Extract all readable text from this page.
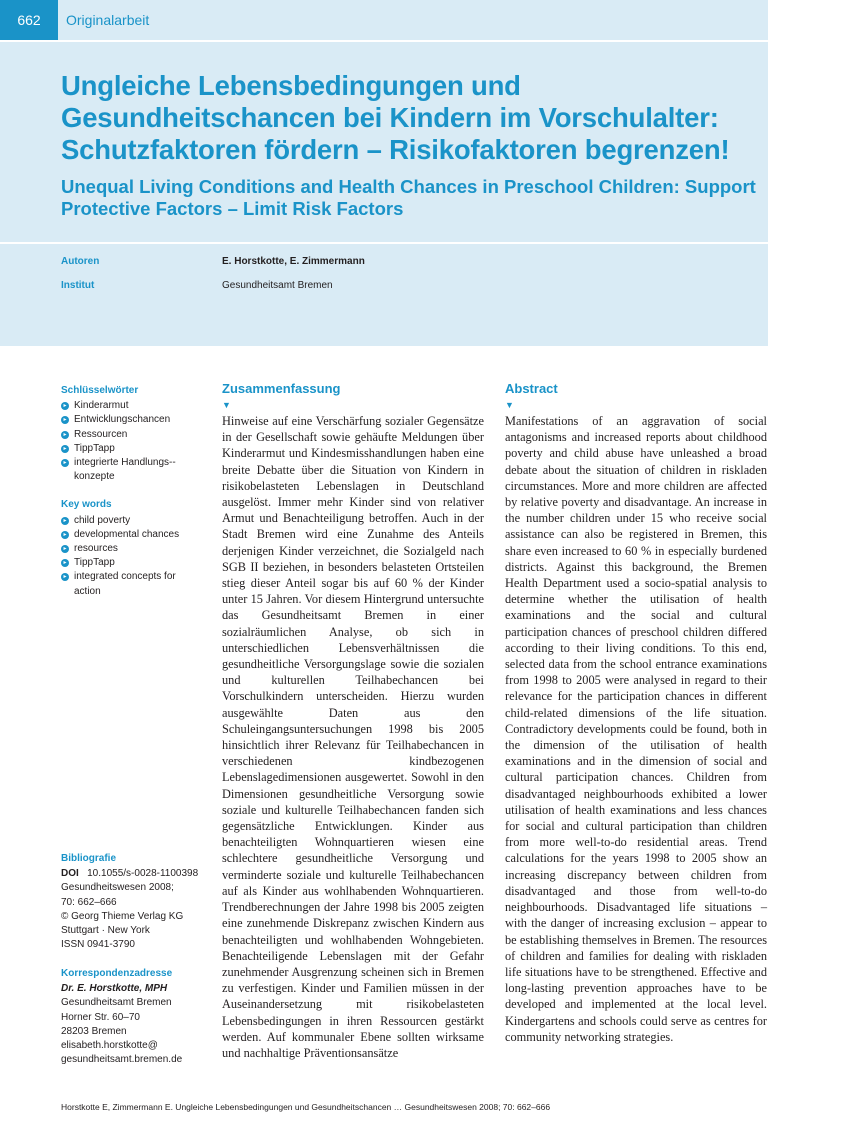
662	Originalarbeit
Ungleiche Lebensbedingungen und Gesundheitschancen bei Kindern im Vorschulalter: Schutzfaktoren fördern – Risikofaktoren begrenzen!
Unequal Living Conditions and Health Chances in Preschool Children: Support Protective Factors – Limit Risk Factors
Autoren	E. Horstkotte, E. Zimmermann
Institut	Gesundheitsamt Bremen
Schlüsselwörter
▸
Kinderarmut
▸
Entwicklungschancen
▸
Ressourcen
▸
TippTapp
▸
integrierte Handlungs-konzepte
Key words
▸
child poverty
▸
developmental chances
▸
resources
▸
TippTapp
▸
integrated concepts for action
Bibliografie
DOI 10.1055/s-0028-1100398
Gesundheitswesen 2008;
70: 662–666
© Georg Thieme Verlag KG
Stuttgart · New York
ISSN 0941-3790
Korrespondenzadresse
Dr. E. Horstkotte, MPH
Gesundheitsamt Bremen
Horner Str. 60–70
28203 Bremen
elisabeth.horstkotte@
gesundheitsamt.bremen.de
Zusammenfassung
▼

Hinweise auf eine Verschärfung sozialer Gegensätze in der Gesellschaft sowie gehäufte Meldungen über Kinderarmut und Kindesmisshandlungen haben eine breite Debatte über die Situation von Kindern in risikobelasteten Lebenslagen in Deutschland ausgelöst. Immer mehr Kinder sind von relativer Armut und Benachteiligung betroffen. Auch in der Stadt Bremen wird eine Zunahme des Anteils derjenigen Kinder verzeichnet, die Sozialgeld nach SGB II beziehen, in besonders belasteten Ortsteilen stieg dieser Anteil sogar bis auf 60 % der Kinder unter 15 Jahren. Vor diesem Hintergrund untersuchte das Gesundheitsamt Bremen in einer sozialräumlichen Analyse, ob sich in unterschiedlichen Lebensverhältnissen die gesundheitliche Versorgungslage sowie die sozialen und kulturellen Teilhabechancen bei Vorschulkindern unterscheiden. Hierzu wurden ausgewählte Daten aus den Schuleingangsuntersuchungen 1998 bis 2005 hinsichtlich ihrer Relevanz für Teilhabechancen in verschiedenen kindbezogenen Lebenslagedimensionen ausgewertet. Sowohl in den Dimensionen gesundheitliche Versorgung sowie soziale und kulturelle Teilhabechancen fanden sich gegensätzliche Entwicklungen. Kinder aus benachteiligten Wohnquartieren wiesen eine schlechtere gesundheitliche Versorgung und verminderte soziale und kulturelle Teilhabechancen auf als Kinder aus wohlhabenden Wohnquartieren. Trendberechnungen der Jahre 1998 bis 2005 zeigten eine zunehmende Diskrepanz zwischen Kindern aus benachteiligten und wohlhabenden Wohngebieten. Benachteiligende Lebenslagen mit der Gefahr zunehmender Ausgrenzung scheinen sich in Bremen zu verfestigen. Kinder und Familien müssen in der Auseinandersetzung mit risikobelasteten Lebensbedingungen in ihren Ressourcen gestärkt werden. Auf kommunaler Ebene sollten wirksame und nachhaltige Präventionsansätze

Abstract
▼

Manifestations of an aggravation of social antagonisms and increased reports about childhood poverty and child abuse have unleashed a broad debate about the situation of children in riskladen circumstances. More and more children are affected by relative poverty and disadvantage. An increase in the number children under 15 who receive social assistance can also be registered in Bremen, this share even increased to 60 % in especially burdened districts. Against this background, the Bremen Health Department used a socio-spatial analysis to determine whether the utilisation of health examinations and the social and cultural participation chances of preschool children differed according to their living conditions. To this end, selected data from the school entrance examinations from 1998 to 2005 were analysed in regard to their relevance for the participation chances in different child-related dimensions of the life situation. Contradictory developments could be found, both in the dimension of the utilisation of health examinations and in the dimension of social and cultural participation chances. Children from disadvantaged neighbourhoods exhibited a lower utilisation of health examinations and less chances for social and cultural participation than children from more well-to-do residential areas. Trend calculations for the years 1998 to 2005 show an increasing discrepancy between children from disadvantaged and those from well-to-do neighbourhoods. Disadvantaged life situations – with the danger of increasing exclusion – appear to be establishing themselves in Bremen. The resources of children and families for dealing with riskladen life situations have to be strengthened. Effective and long-lasting prevention approaches have to be developed and implemented at the local level. Kindergartens and schools could serve as centres for community networking strategies.

Horstkotte E, Zimmermann E. Ungleiche Lebensbedingungen und Gesundheitschancen … Gesundheitswesen 2008; 70: 662–666
